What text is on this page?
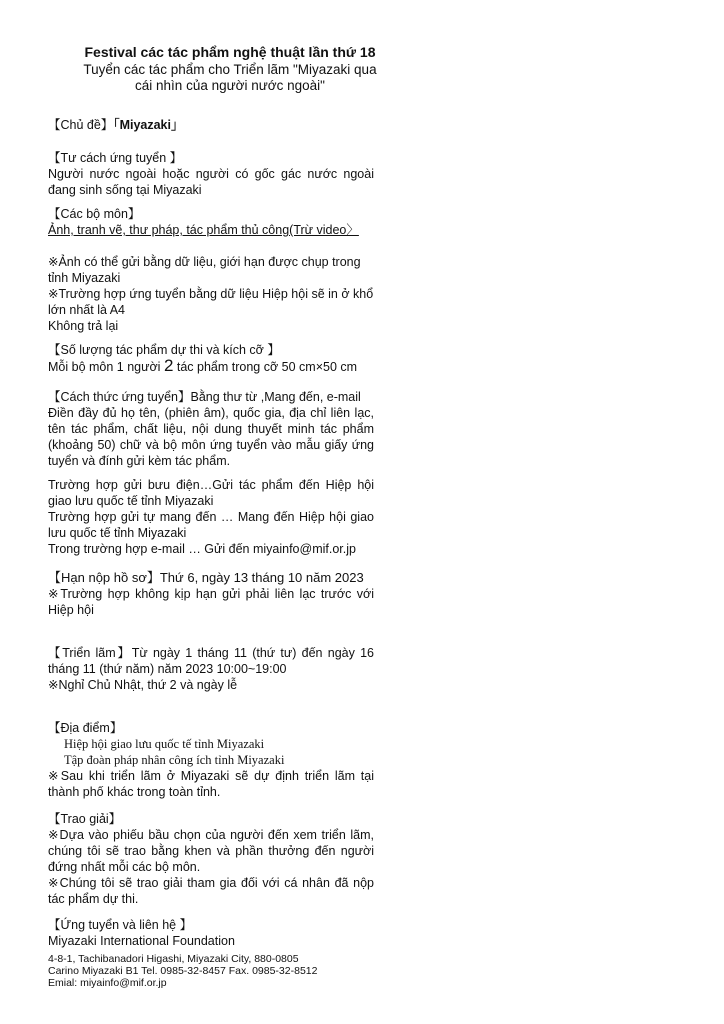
Festival các tác phẩm nghệ thuật lần thứ 18
Tuyển các tác phẩm cho Triển lãm "Miyazaki qua
cái nhìn của người nước ngoài"
【Chủ đề】「Miyazaki」

【Tư cách ứng tuyển 】

Người nước ngoài hoặc người có gốc gác nước ngoài đang sinh sống tại Miyazaki

【Các bộ môn】

Ảnh, tranh vẽ, thư pháp, tác phẩm thủ công(Trừ video〉

※Ảnh có thể gửi bằng dữ liệu, giới hạn được chụp trong tỉnh Miyazaki

※Trường hợp ứng tuyển bằng dữ liệu Hiệp hội sẽ in ở khổ lớn nhất là A4

Không trả lại

【Số lượng tác phẩm dự thi và kích cỡ 】

Mỗi bộ môn 1 người 2 tác phẩm trong cỡ 50 cm×50 cm

【Cách thức ứng tuyển】Bằng thư từ ,Mang đến, e-mail

Điền đầy đủ họ tên, (phiên âm), quốc gia, địa chỉ liên lạc, tên tác phẩm, chất liệu, nội dung thuyết minh tác phẩm (khoảng 50) chữ và bộ môn ứng tuyển vào mẫu giấy ứng tuyển và đính gửi kèm tác phẩm.

Trường hợp gửi bưu điện…Gửi tác phẩm đến Hiệp hội giao lưu quốc tế tỉnh Miyazaki

Trường hợp gửi tự mang đến … Mang đến Hiệp hội giao lưu quốc tế tỉnh Miyazaki

Trong trường hợp e-mail … Gửi đến miyainfo@mif.or.jp

【Hạn nộp hồ sơ】Thứ 6, ngày 13 tháng 10 năm 2023

※Trường hợp không kịp hạn gửi phải liên lạc trước với Hiệp hội

【Triển lãm】Từ ngày 1 tháng 11 (thứ tư) đến ngày 16 tháng 11 (thứ năm) năm 2023 10:00~19:00

※Nghỉ Chủ Nhật, thứ 2 và ngày lễ

【Địa điểm】

Hiệp hội giao lưu quốc tế tỉnh Miyazaki

Tập đoàn pháp nhân công ích tỉnh Miyazaki

※Sau khi triển lãm ở Miyazaki sẽ dự định triển lãm tại thành phố khác trong toàn tỉnh.

【Trao giải】

※Dựa vào phiếu bầu chọn của người đến xem triển lãm, chúng tôi sẽ trao bằng khen và phần thưởng đến người đứng nhất mỗi các bộ môn.

※Chúng tôi sẽ trao giải tham gia đối với cá nhân đã nộp tác phẩm dự thi.

【Ứng tuyển và liên hệ 】

Miyazaki International Foundation

4-8-1, Tachibanadori Higashi, Miyazaki City, 880-0805

Carino Miyazaki B1 Tel. 0985-32-8457 Fax. 0985-32-8512

Emial: miyainfo@mif.or.jp
